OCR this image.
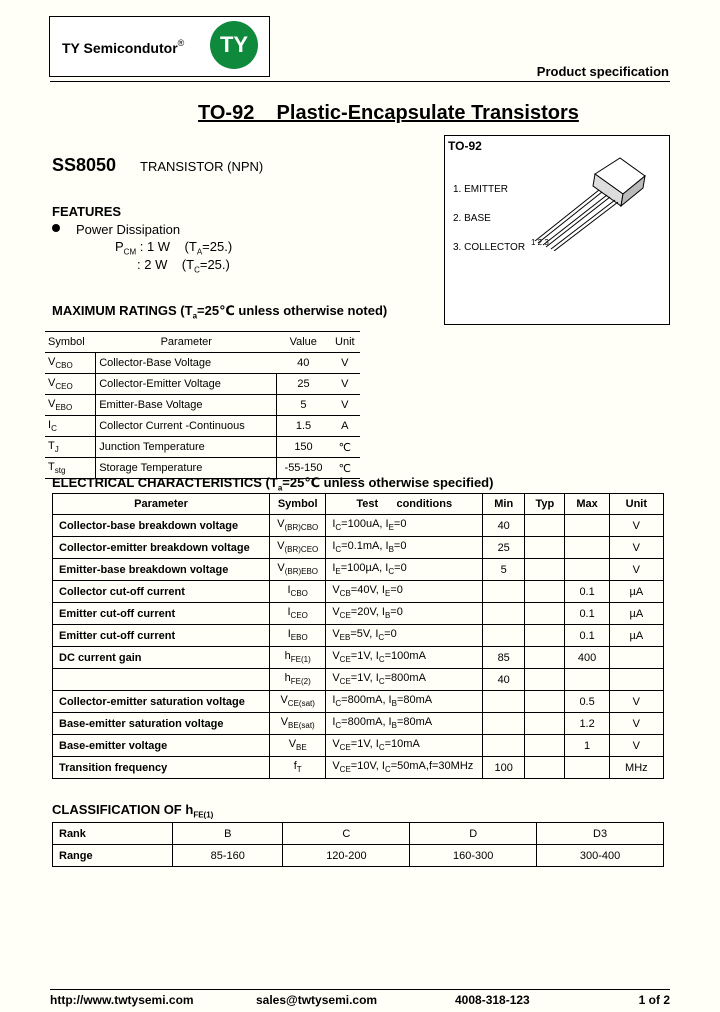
TY Semicondutor®	TY
Product specification
TO-92    Plastic-Encapsulate Transistors
SS8050 TRANSISTOR (NPN)
TO-92
1. EMITTER
2. BASE
3. COLLECTOR 1 2 3
FEATURES
Power Dissipation
$P_{CM}$ : 1 W $(T_A=25.)$
: 2 W $(T_C=25.)$
MAXIMUM RATINGS ($T_a=25℃$ unless otherwise noted)
Symbol	Parameter	Value	Unit
$V_{CBO}$	Collector-Base Voltage	40	V
$V_{CEO}$	Collector-Emitter Voltage	25	V
$V_{EBO}$	Emitter-Base Voltage	5	V
$I_C$	Collector Current -Continuous	1.5	A
$T_J$	Junction Temperature	150	℃
$T_{stg}$	Storage Temperature	-55-150	℃
ELECTRICAL CHARACTERISTICS ($T_a=25℃$ unless otherwise specified)
Parameter	Symbol	Test      conditions	Min	Typ	Max	Unit
Collector-base breakdown voltage	$V_{(BR)CBO}$	$I_C=100uA$, $I_E=0$	40			V
Collector-emitter breakdown voltage	$V_{(BR)CEO}$	$I_C=0.1mA$, $I_B=0$	25			V
Emitter-base breakdown voltage	$V_{(BR)EBO}$	$I_E=100\mu A$, $I_C=0$	5			V
Collector cut-off current	$I_{CBO}$	$V_{CB}=40V$, $I_E=0$			0.1	µA
Emitter cut-off current	$I_{CEO}$	$V_{CE}=20V$, $I_B=0$			0.1	µA
Emitter cut-off current	$I_{EBO}$	$V_{EB}=5V$, $I_C=0$			0.1	µA
DC current gain	$h_{FE(1)}$	$V_{CE}=1V$, $I_C=100mA$	85		400	
	$h_{FE(2)}$	$V_{CE}=1V$, $I_C=800mA$	40			
Collector-emitter saturation voltage	$V_{CE(sat)}$	$I_C=800mA$, $I_B=80mA$			0.5	V
Base-emitter saturation voltage	$V_{BE(sat)}$	$I_C=800mA$, $I_B=80mA$			1.2	V
Base-emitter voltage	$V_{BE}$	$V_{CE}=1V$, $I_C=10mA$			1	V
Transition frequency	$f_T$	$V_{CE}=10V$, $I_C=50mA,f=30MHz$	100			MHz
CLASSIFICATION OF $h_{FE(1)}$
Rank	B	C	D	D3
Range	85-160	120-200	160-300	300-400
http://www.twtysemi.com	sales@twtysemi.com	4008-318-123	1 of 2
